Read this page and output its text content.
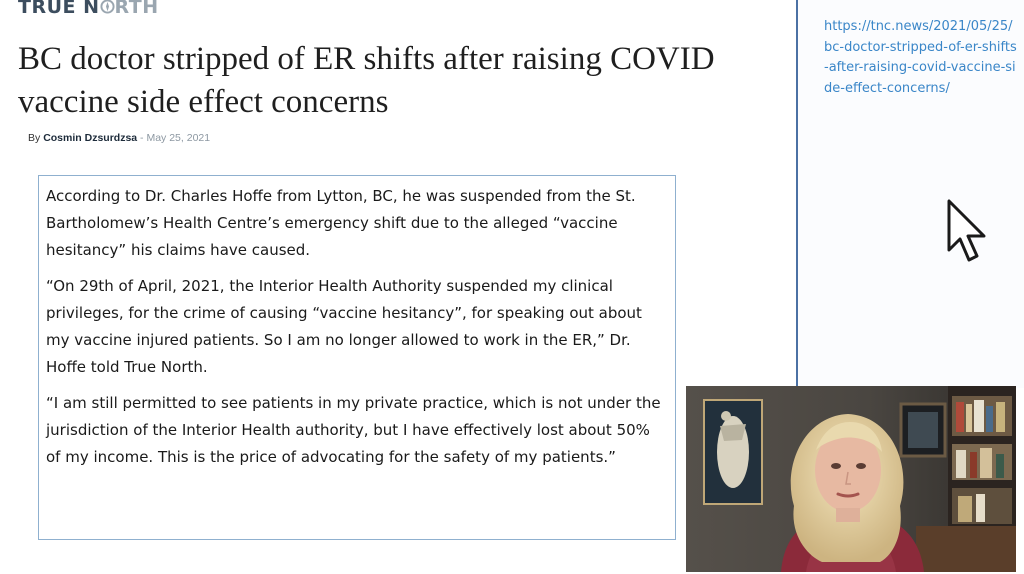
TRUE N RTH
BC doctor stripped of ER shifts after raising COVID vaccine side effect concerns
By Cosmin Dzsurdzsa - May 25, 2021

According to Dr. Charles Hoffe from Lytton, BC, he was suspended from the St. Bartholomew’s Health Centre’s emergency shift due to the alleged “vaccine hesitancy” his claims have caused.

“On 29th of April, 2021, the Interior Health Authority suspended my clinical privileges, for the crime of causing “vaccine hesitancy”, for speaking out about my vaccine injured patients. So I am no longer allowed to work in the ER,” Dr. Hoffe told True North.

“I am still permitted to see patients in my private practice, which is not under the jurisdiction of the Interior Health authority, but I have effectively lost about 50% of my income. This is the price of advocating for the safety of my patients.”

https://tnc.news/2021/05/25/bc-doctor-stripped-of-er-shifts-after-raising-covid-vaccine-side-effect-concerns/
